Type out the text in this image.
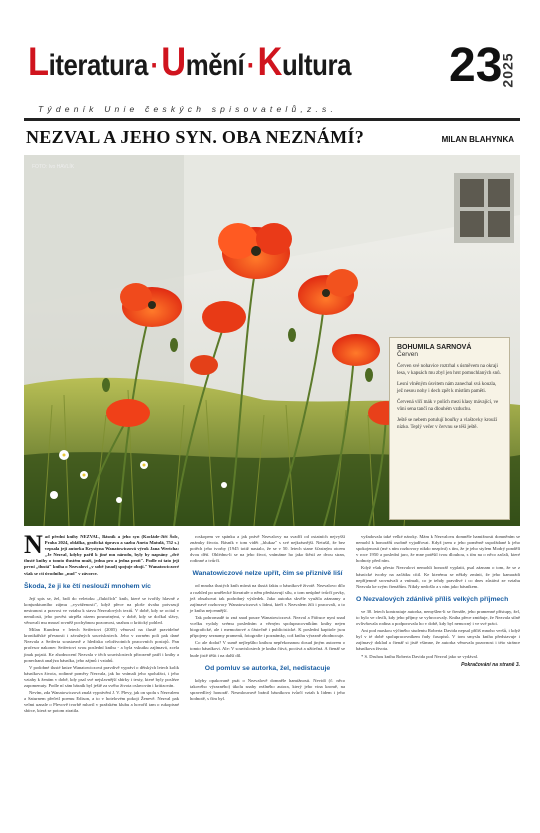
Literatura·Umění·Kultura 23
2025
Týdeník Unie českých spisovatelů,z.s.
NEZVAL A JEHO SYN. OBA NEZNÁMÍ?	MILAN BLAHYNKA
FOTO: Ivo HAVLÍK
BOHUMILA SARNOVÁ
Červen
Červen své nohavice roztrhal s úsměvem na okraji lesa, v kapsách mu zbyl jen hrst pomuchlaných snů.
Lesní vlněným úsvitem nám zanechal svá kouzla, jež nesou nohy i dech zpět k místům paměti.
Červená vlčí mák v polích mezi klasy mávající, ve vůni sena tančí na dlouhém vzduchu.
Ještě se nebem potulují bouřky a vlaštovky krouží nízko. Teplý večer v červnu se těší ještě.

Nad přední knihy NEZVAL, Básník a jeho syn (Kocláde-Jiří Šolc, Praha 2024, oblálka, grafická úprava a sazba Aneta Matulá, 752 s.) vepsala její autorka Krystyna Wanatowiczová výrok Jana Werichа: ,,Je Nezval, kdyby pařil k jiné mu národu, byly by napsány ,,dvě tlusté knihy o tomto tlustém muži, jedna pro a jedna proti". Podle ní tato její první ,,tlustá" kniha o Nezvalovi ,,v sobě (snad) spojuje obojí." Wanatowiczové však se cti úvodního ,,nud" v závorce.

Škoda, že ji ke čtí neslouží mnohem víc

Její spis se, žel, řadí do veletoku ,,fluktčích" knih, které se tvořily hlavně z konjunkturního zájmu ,,vyváženosti", když přece na ploše úvaha potvrzují nestranost a pravost ve vztahu k stavu Nezvalových textů. V době, kdy se ocital v nemilosti, jeho pověst utrpěla rázem posmrtnými, v době, kdy se dočkal slávy, věnovali mu mnozí rovněž pochybnou pozornost, snahou o kritický pohled.

Milan Kundera v letech Seifertovi (2005) věnoval na tlustě pravidelné kronikářské přesnosti i závažných souvislostech. Jeho v zorném poli pak dané Nezvala a Seiferta soustavně z hlediska celoživotních pracovních postojů. Pan profesor nakonec Seifertovi svou poslední knihu - a byla vskutku zajímavá, zcela jinak pojatá. Ke zhodnocení Nezvala v těch souvislostech přirozeně patří i knihy a ponechaná analýza básníka, jeho zájmů i vztahů.

V podobné tlusté knize Wanatowiczová pravdivě vypráví o dětských letech kolik básníkova života, rodinné poměry Nezvala, jak ho vnímali jeho spolužáci, i jeho vztahy k ženám v době, kdy psal své nejslavnější sbírky i texty, které byly posléze zapomenuty. Podle ní sám básník byl ještě za svého života oslavován i kritizován.

Nevím, zda Wanatowiczová znalá vyprávění J. V. Plevy, jak on spolu s Nezvalem a Saturnem přečetl poemu Edison, a to v hotelovém pokoji Ženevě. Nezval pak velmi uznale o Plevově tvorbě mluvil v pražském klubu a hovořil tam o rukopisné sbírce, která se potom ztratila.

roskopem ve spánku a jak právě Nezvalovy na svadčí od ostatních nejvyšší známky života. Básník v tom vidět ,,hlukaz" s své nejkrásnější. Netušil, že bez potěch jeho tvorby (1945 totiž nastalo, že se v 50. letech stane šťastným otcem dvou dětí. Ohlédnu-li se na jeho život, vnímáme ho jako štěstí ze dvou stran, rodinné a tvůrčí.

Wanatowiczové nelze upřít, čím se přiznivě liší

od mnoha tlustých knih mírná na tlustá faktu o básníkově životě. Nezvalovo dílo a rozhled po umělecké literatuře o něm představují sílu, o tom neúplné tvůrčí prvky, jež obsahovat tak podrobný výsledek. Jako autorka skvěle využila záznamy a zajímavé rozhovory Wanatowiczová s lidmi, kteří s Nezvalem žili i pracovali, a to je kniha nejcennější.

Tak pohromadě to zná snad pouze Wanatowiczová. Nezval a Fáfruce nyní snad vcelku vydaly svému posledním a věrným spolupracovníkům knihy nejen biografické, ale i memoárové a částečně i publicistické. K poslední kapitole jsou připojeny seznamy pramenů, fotografie i poznámky, což knihu výrazně zhodnocuje.

Co ale dodat? V sumě nejlepšího knihou nepřekonanou dosud jiným autorem o tomto básníkovi. Ale: V souvislostech je kniha čtivá, poctivá a užitečná. A čtenář se bude jistě těšit i na další díl.

Od pomluv se autorka, žel, nedistacuje

kdyby opakovaně psát o Nezvalově domněle hamižnosti. Nevidí (č. něco takového výrazného) úkolu snahy reálného autora, který jeho vina kromě, na spravedlivý honorář. Nesmlouvavě bránil básníkova tvůrčí vztah k lidem i jeho hodnotě, s čím byl.

vyžadovala také velké nároky. Mám k Nezvalovu domněle hamižnosti domněním se nemohl k honorářů osobně vyjadřovat. Když jsem z jeho poměrně uspořádané k jeho spokojenosti (mé s ním rozhovory nikdo nezpívá) s tím, že je jeho stylem Modrý pondělí v roce 1950 a poslední jaro, že mne potěšil tvou dlouhou, s tím na o něco začali, které hodnoty před ním.

Když však přesto Nezvalovi nemohli honorář vyplatit, psal záznam o tom, že se z básnické tvorby na začátku cítil. Ke kterému se někdy zmínit, že jeho kamarádi nepříjemně srovnávali a vnímali, co je tehdy pravdivé i co dnes zůstává ze vztahu Nezvala ke svým čtenářům. Nikdy nedošlo a s ním jako básníkem.

O Nezvalových zdánlivě příliš velkých příjmech

ve 30. letech kontrastuje autorka, nemyšlen-li se čtenáře, jeho pramenné přístupy, žel, to bylo ve chvíli, kdy jeho příjmy se vyhrocovaly. Kniha přece zmiňuje, že Nezvala silně ovlivňovala rodina a podporovala ho v době, kdy byl nemocný i ve své práci.

Ani pod maskou výčtného studentu Roberta Davida nepsal příliš mnoho veršů, i když byl v té době spolupracovníkem řady časopisů. V tom smyslu kniha představuje i zajímavý doklad a čtenář si jistě všimne, že autorka věnovala pozornost i této stránce básníkova života.

* S. Druhou knihu Roberta Davida pod Nezval jako se vydával.

Pokračování na straně 3.
